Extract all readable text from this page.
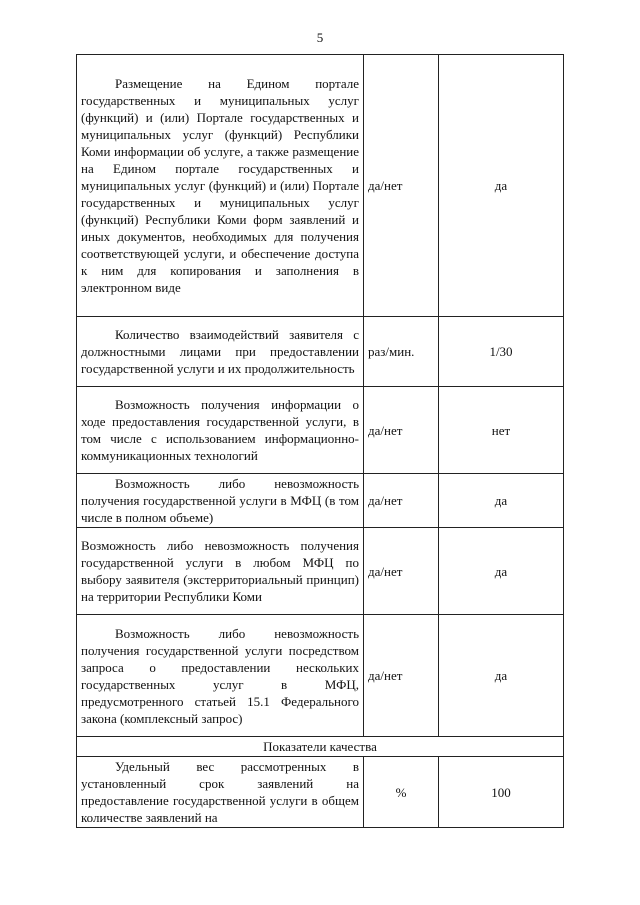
5
Размещение на Едином портале государственных и муниципальных услуг (функций) и (или) Портале государственных и муниципальных услуг (функций) Республики Коми информации об услуге, а также размещение на Едином портале государственных и муниципальных услуг (функций) и (или) Портале государственных и муниципальных услуг (функций) Республики Коми форм заявлений и иных документов, необходимых для получения соответствующей услуги, и обеспечение доступа к ним для копирования и заполнения в электронном виде	да/нет	да

Количество взаимодействий заявителя с должностными лицами при предоставлении государственной услуги и их продолжительность	раз/мин.	1/30

Возможность получения информации о ходе предоставления государственной услуги, в том числе с использованием информационно-коммуникационных технологий	да/нет	нет

Возможность либо невозможность получения государственной услуги в МФЦ (в том числе в полном объеме)	да/нет	да

Возможность либо невозможность получения государственной услуги в любом МФЦ по выбору заявителя (экстерриториальный принцип) на территории Республики Коми	да/нет	да

Возможность либо невозможность получения государственной услуги посредством запроса о предоставлении нескольких государственных услуг в МФЦ, предусмотренного статьей 15.1 Федерального закона (комплексный запрос)	да/нет	да
Показатели качества		

Удельный вес рассмотренных в установленный срок заявлений на предоставление государственной услуги в общем количестве заявлений на	%	100
